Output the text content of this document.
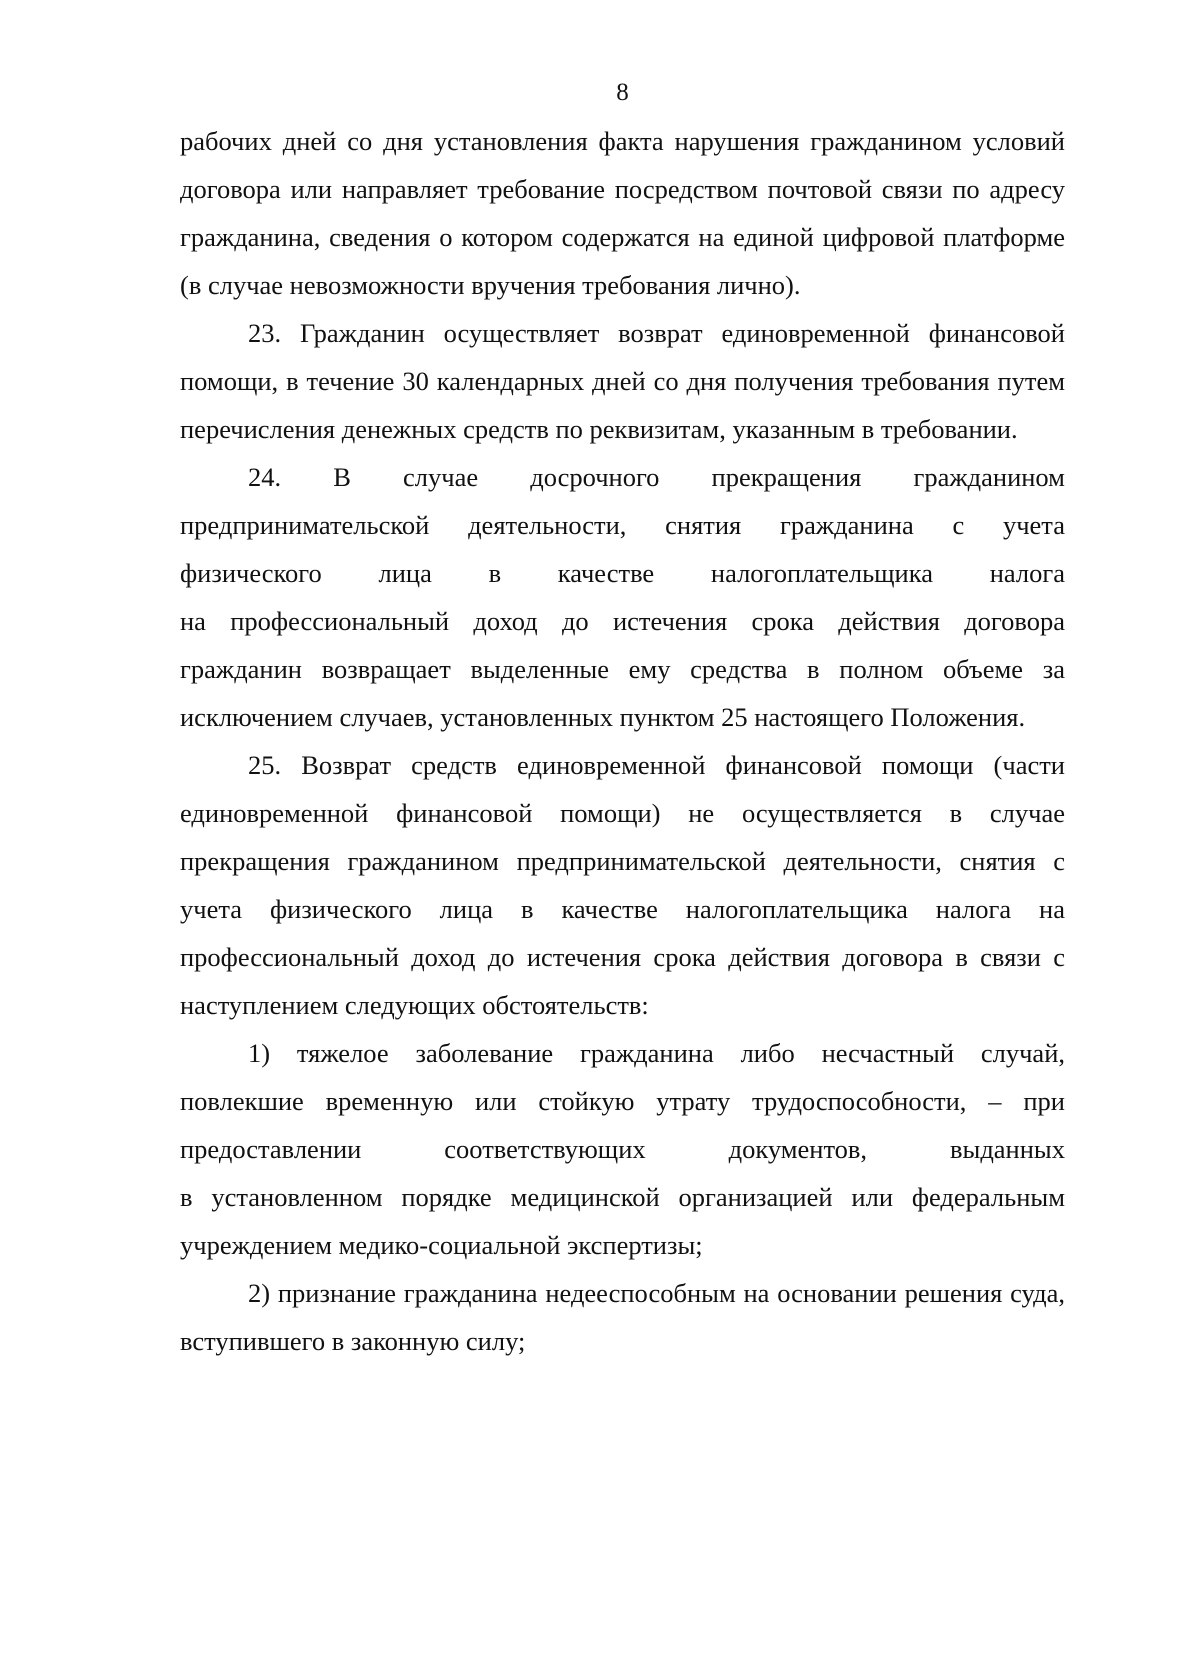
8

рабочих дней со дня установления факта нарушения гражданином условий договора или направляет требование посредством почтовой связи по адресу гражданина, сведения о котором содержатся на единой цифровой платформе (в случае невозможности вручения требования лично).

23. Гражданин осуществляет возврат единовременной финансовой помощи, в течение 30 календарных дней со дня получения требования путем перечисления денежных средств по реквизитам, указанным в требовании.

24. В случае досрочного прекращения гражданином
предпринимательской деятельности, снятия гражданина с учета
физического лица в качестве налогоплательщика налога

на профессиональный доход до истечения срока действия договора гражданин возвращает выделенные ему средства в полном объеме за исключением случаев, установленных пунктом 25 настоящего Положения.

25. Возврат средств единовременной финансовой помощи (части единовременной финансовой помощи) не осуществляется в случае прекращения гражданином предпринимательской деятельности, снятия с учета физического лица в качестве налогоплательщика налога на профессиональный доход до истечения срока действия договора в связи с наступлением следующих обстоятельств:

1) тяжелое заболевание гражданина либо несчастный случай,
повлекшие временную или стойкую утрату трудоспособности, – при
предоставлении	соответствующих	документов,	выданных

в установленном порядке медицинской организацией или федеральным учреждением медико-социальной экспертизы;

2) признание гражданина недееспособным на основании решения суда, вступившего в законную силу;
